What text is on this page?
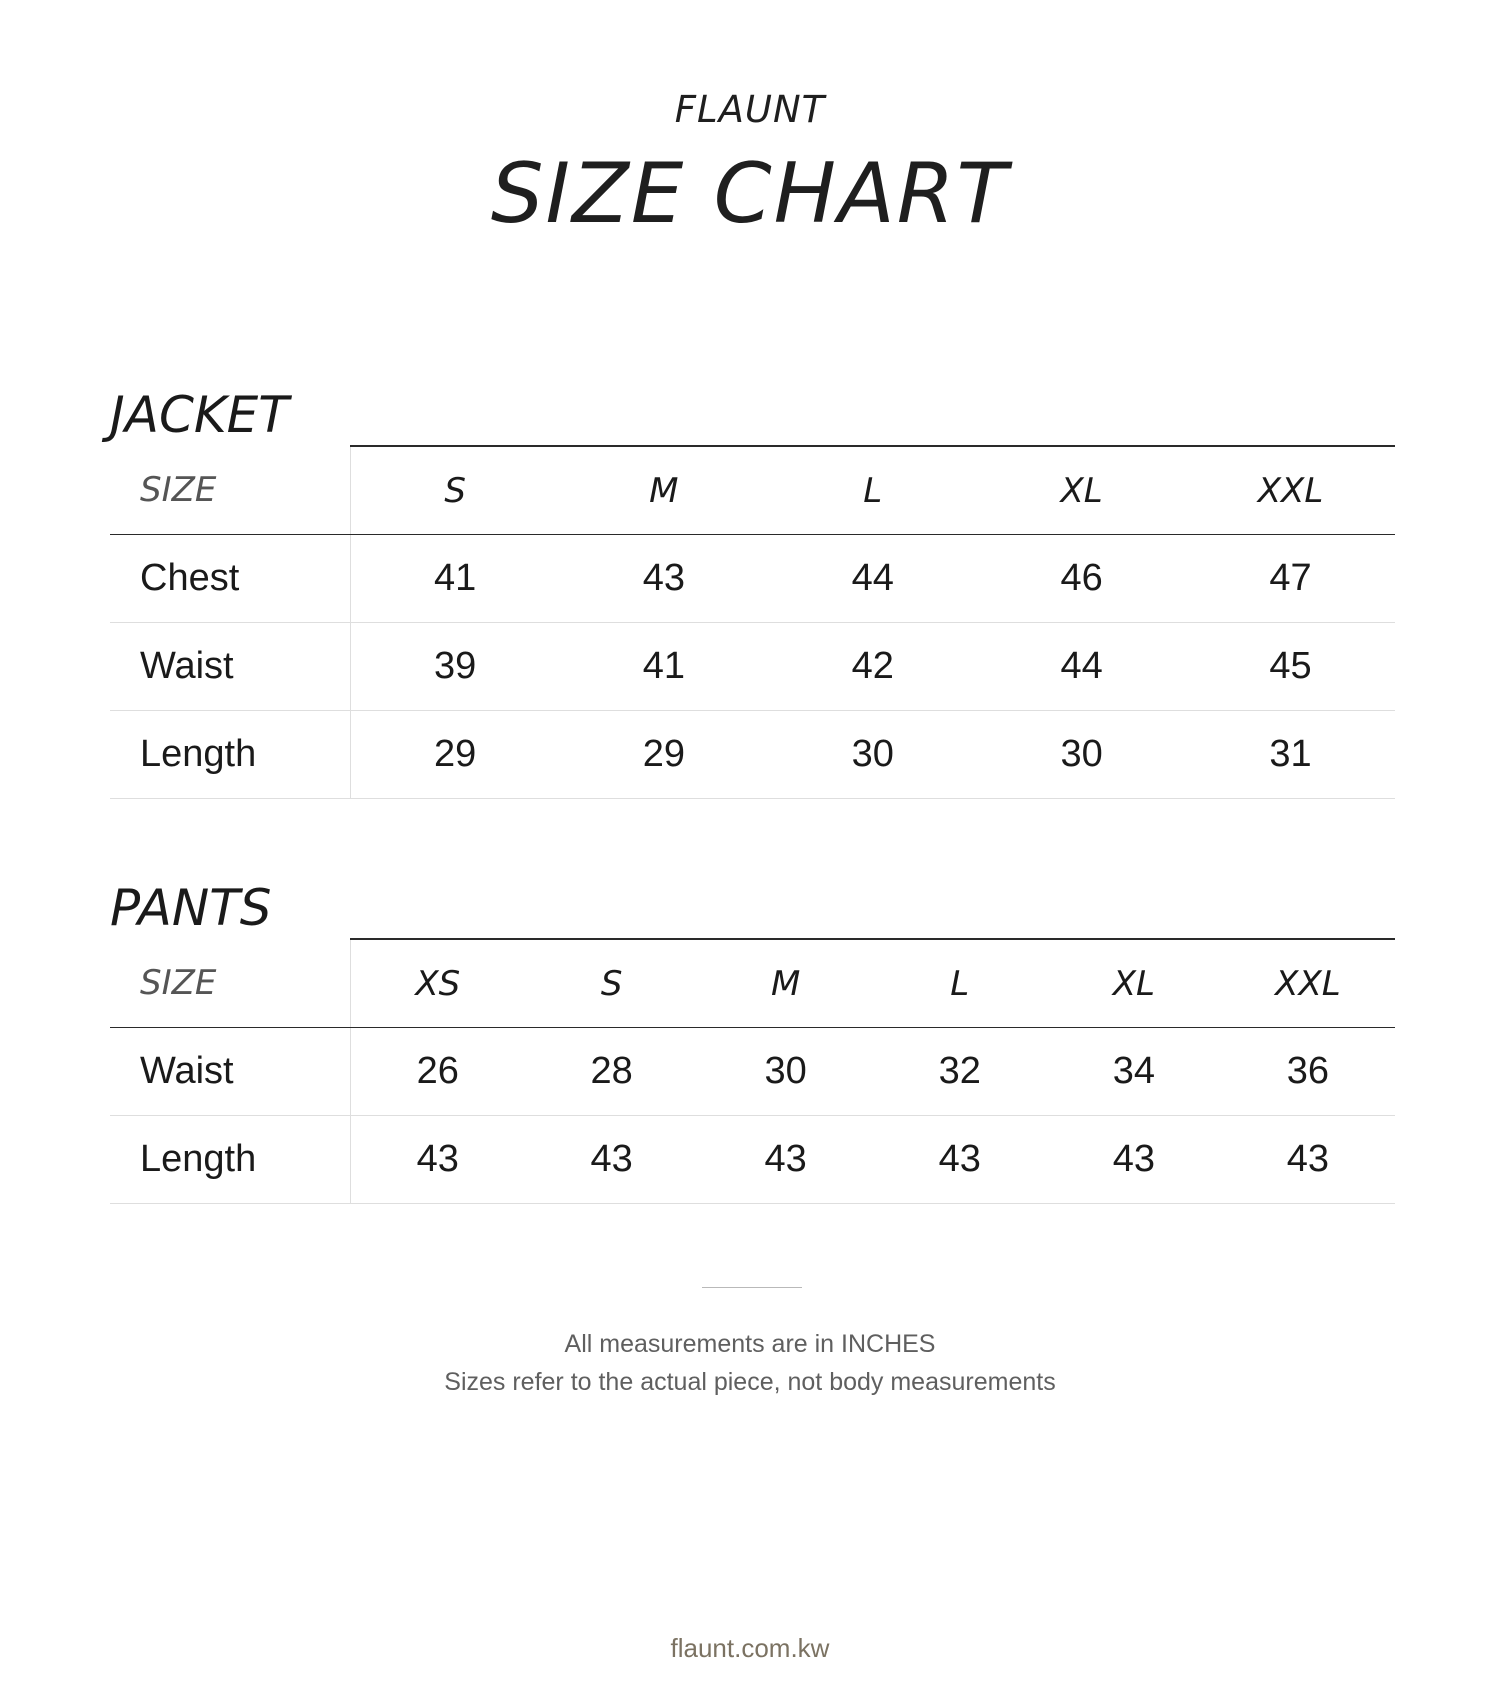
FLAUNT
SIZE CHART
JACKET
SIZE	S	M	L	XL	XXL
Chest	41	43	44	46	47
Waist	39	41	42	44	45
Length	29	29	30	30	31
PANTS
SIZE	XS	S	M	L	XL	XXL
Waist	26	28	30	32	34	36
Length	43	43	43	43	43	43
All measurements are in INCHES
Sizes refer to the actual piece, not body measurements
flaunt.com.kw
